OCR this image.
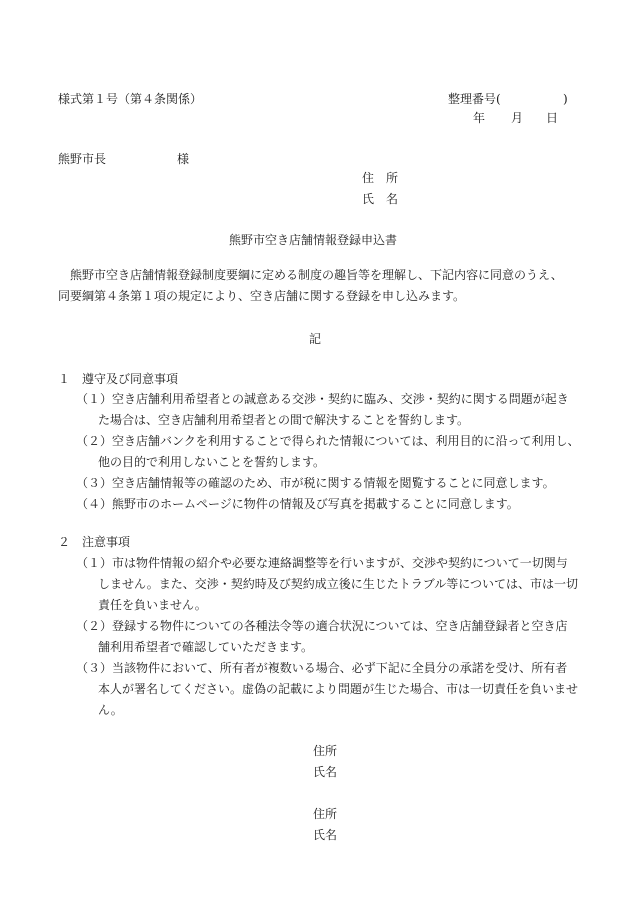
様式第１号（第４条関係）	整理番号(	)
年 月 日
熊野市長	様
住　所
氏　名
熊野市空き店舗情報登録申込書
熊野市空き店舗情報登録制度要綱に定める制度の趣旨等を理解し、下記内容に同意のうえ、
同要綱第４条第１項の規定により、空き店舗に関する登録を申し込みます。
記
１ 遵守及び同意事項
（１）空き店舗利用希望者との誠意ある交渉・契約に臨み、交渉・契約に関する問題が起き
た場合は、空き店舗利用希望者との間で解決することを誓約します。
（２）空き店舗バンクを利用することで得られた情報については、利用目的に沿って利用し、
他の目的で利用しないことを誓約します。
（３）空き店舗情報等の確認のため、市が税に関する情報を閲覧することに同意します。
（４）熊野市のホームページに物件の情報及び写真を掲載することに同意します。
２ 注意事項
（１）市は物件情報の紹介や必要な連絡調整等を行いますが、交渉や契約について一切関与
しません。また、交渉・契約時及び契約成立後に生じたトラブル等については、市は一切
責任を負いません。
（２）登録する物件についての各種法令等の適合状況については、空き店舗登録者と空き店
舗利用希望者で確認していただきます。
（３）当該物件において、所有者が複数いる場合、必ず下記に全員分の承諾を受け、所有者
本人が署名してください。虚偽の記載により問題が生じた場合、市は一切責任を負いませ
ん。
住所
氏名
住所
氏名
